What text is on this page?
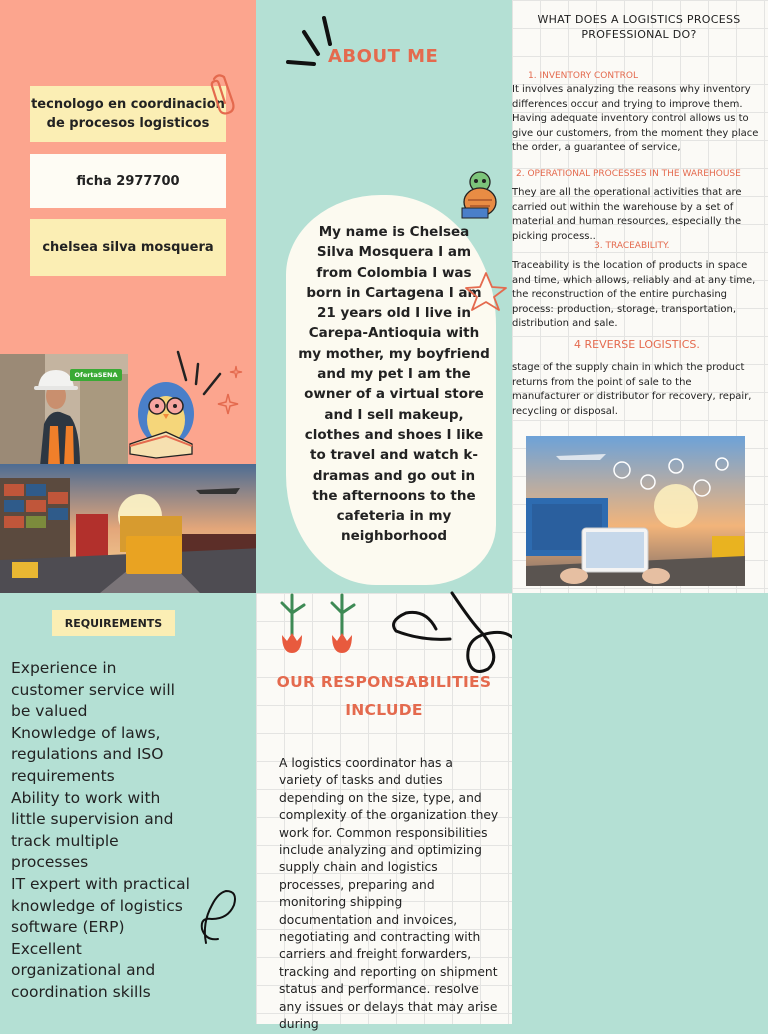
tecnologo en coordinacion de procesos logisticos
ficha 2977700
chelsea silva mosquera
OfertaSENA
ABOUT ME
My name is Chelsea Silva Mosquera I am from Colombia I was born in Cartagena I am 21 years old I live in Carepa-Antioquia with my mother, my boyfriend and my pet I am the owner of a virtual store and I sell makeup, clothes and shoes I like to travel and watch k-dramas and go out in the afternoons to the cafeteria in my neighborhood
WHAT DOES A LOGISTICS PROCESS PROFESSIONAL DO?
1. INVENTORY CONTROL
It involves analyzing the reasons why inventory differences occur and trying to improve them. Having adequate inventory control allows us to give our customers, from the moment they place the order, a guarantee of service,
2. OPERATIONAL PROCESSES IN THE WAREHOUSE
They are all the operational activities that are carried out within the warehouse by a set of material and human resources, especially the picking process..
3. TRACEABILITY.
Traceability is the location of products in space and time, which allows, reliably and at any time, the reconstruction of the entire purchasing process: production, storage, transportation, distribution and sale.
4 REVERSE LOGISTICS.
stage of the supply chain in which the product returns from the point of sale to the manufacturer or distributor for recovery, repair, recycling or disposal.
REQUIREMENTS
Experience in customer service will be valued
Knowledge of laws, regulations and ISO requirements
Ability to work with little supervision and track multiple processes
IT expert with practical knowledge of logistics software (ERP)
Excellent organizational and coordination skills
OUR RESPONSABILITIES INCLUDE
A logistics coordinator has a variety of tasks and duties depending on the size, type, and complexity of the organization they work for. Common responsibilities include analyzing and optimizing supply chain and logistics processes, preparing and monitoring shipping documentation and invoices, negotiating and contracting with carriers and freight forwarders, tracking and reporting on shipment status and performance. resolve any issues or delays that may arise during
